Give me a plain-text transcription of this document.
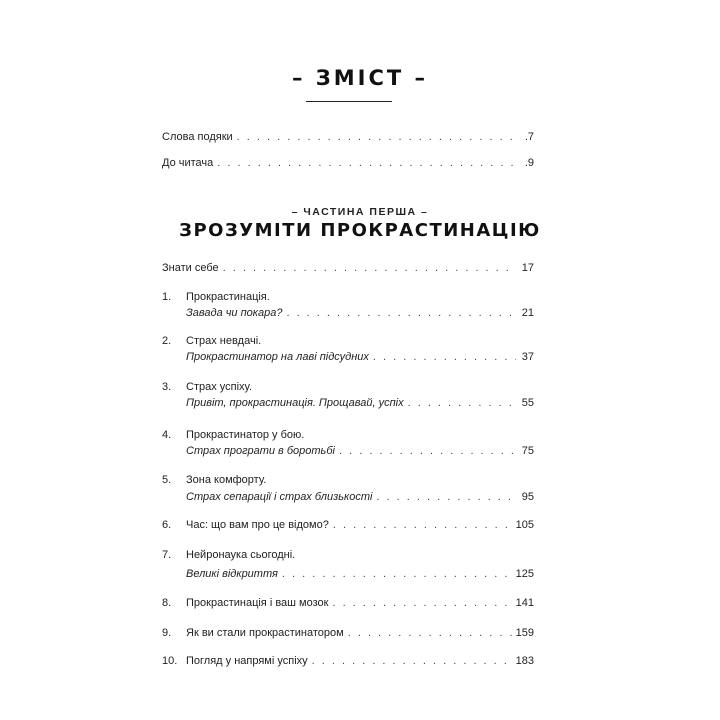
– ЗМІСТ –
Слова подяки . . .	.7
До читача . . .	.9
– ЧАСТИНА ПЕРША –
ЗРОЗУМІТИ ПРОКРАСТИНАЦІЮ
Знати себе . . .	17
1.	Прокрастинація.
Завада чи покара? . . .	21
2.	Страх невдачі.
Прокрастинатор на лаві підсудних . . .	37
3.	Страх успіху.
Привіт, прокрастинація. Прощавай, успіх . . .	55
4.	Прокрастинатор у бою.
Страх програти в боротьбі . . .	75
5.	Зона комфорту.
Страх сепарації і страх близькості . . .	95
6.	Час: що вам про це відомо? . . .	105
7.	Нейронаука сьогодні.
Великі відкриття . . .	125
8.	Прокрастинація і ваш мозок . . .	141
9.	Як ви стали прокрастинатором . . .	159
10. Погляд у напрямі успіху . . .	183
